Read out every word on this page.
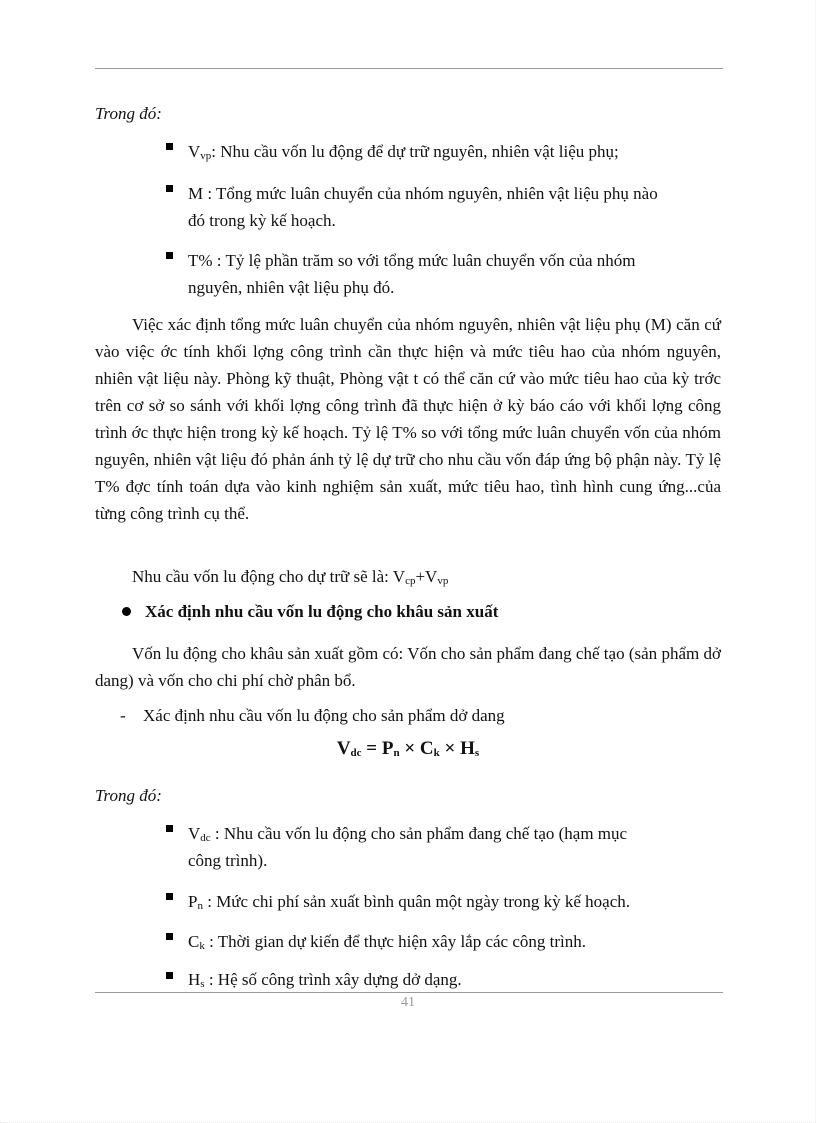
Trong đó:
$V_{vp}$: Nhu cầu vốn lu động để dự trữ nguyên, nhiên vật liệu phụ;
M : Tổng mức luân chuyển của nhóm nguyên, nhiên vật liệu phụ nào
đó trong kỳ kế hoạch.
T% : Tỷ lệ phần trăm so với tổng mức luân chuyển vốn của nhóm
nguyên, nhiên vật liệu phụ đó.
Việc xác định tổng mức luân chuyển của nhóm nguyên, nhiên vật liệu phụ (M) căn cứ vào việc ớc tính khối lợng công trình cần thực hiện và mức tiêu hao của nhóm nguyên, nhiên vật liệu này. Phòng kỹ thuật, Phòng vật t có thể căn cứ vào mức tiêu hao của kỳ trớc trên cơ sở so sánh với khối lợng công trình đã thực hiện ở kỳ báo cáo với khối lợng công trình ớc thực hiện trong kỳ kế hoạch. Tỷ lệ T% so với tổng mức luân chuyển vốn của nhóm nguyên, nhiên vật liệu đó phản ánh tỷ lệ dự trữ cho nhu cầu vốn đáp ứng bộ phận này. Tỷ lệ T% đợc tính toán dựa vào kinh nghiệm sản xuất, mức tiêu hao, tình hình cung ứng...của từng công trình cụ thể.
Nhu cầu vốn lu động cho dự trữ sẽ là: $V_{cp}+V_{vp}$
Xác định nhu cầu vốn lu động cho khâu sản xuất
Vốn lu động cho khâu sản xuất gồm có: Vốn cho sản phẩm đang chế tạo (sản phẩm dở dang) và vốn cho chi phí chờ phân bổ.
- Xác định nhu cầu vốn lu động cho sản phẩm dở dang
$V_{dc} = P_n \times C_k \times H_s$
Trong đó:
$V_{dc}$ : Nhu cầu vốn lu động cho sản phẩm đang chế tạo (hạm mục
công trình).
$P_n$ : Mức chi phí sản xuất bình quân một ngày trong kỳ kế hoạch.
$C_k$ : Thời gian dự kiến để thực hiện xây lắp các công trình.
$H_s$ : Hệ số công trình xây dựng dở dạng.
41
